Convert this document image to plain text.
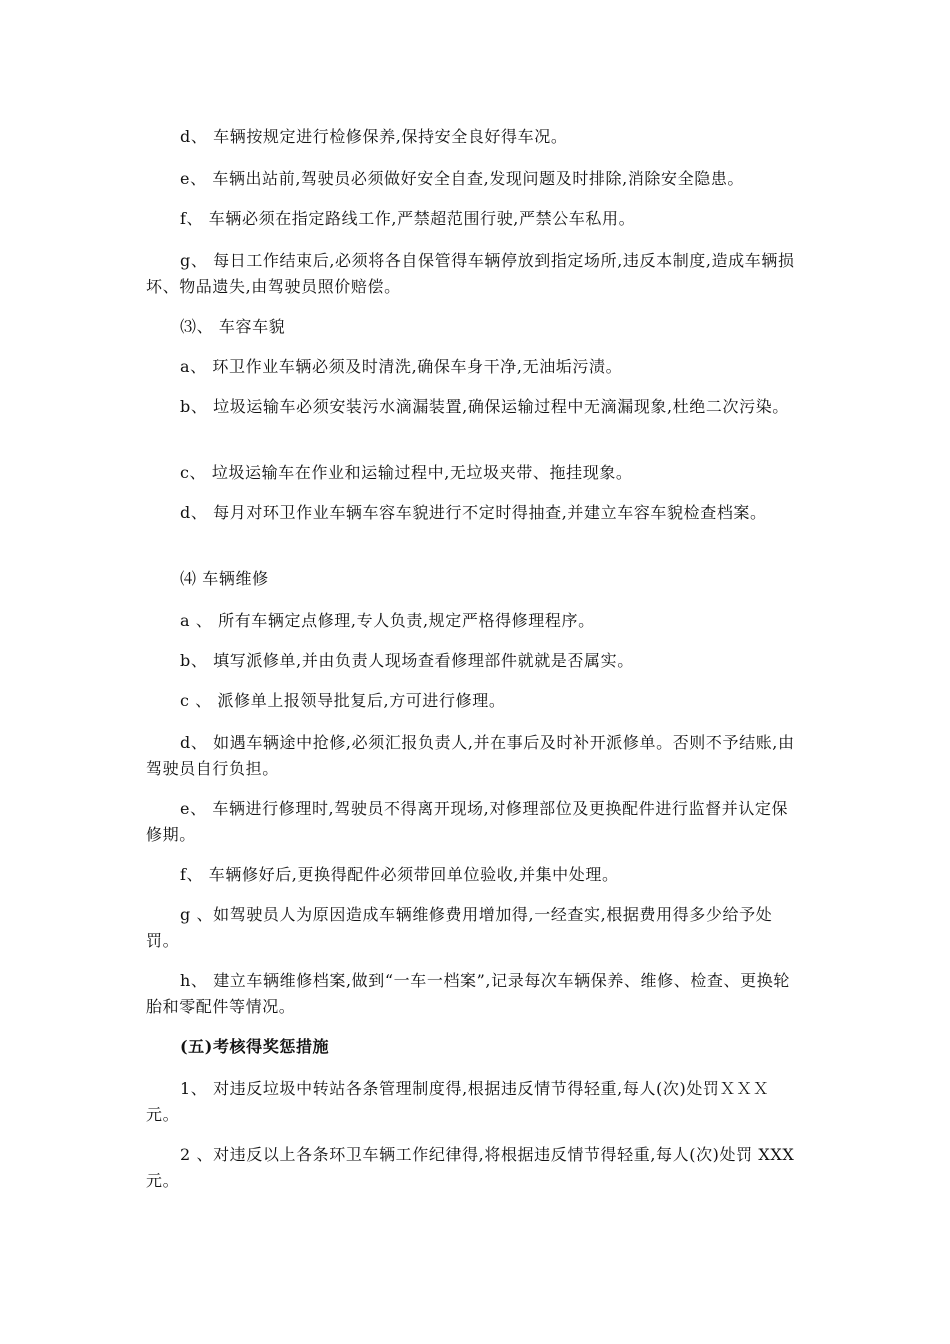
d、 车辆按规定进行检修保养,保持安全良好得车况。

e、 车辆出站前,驾驶员必须做好安全自查,发现问题及时排除,消除安全隐患。

f、 车辆必须在指定路线工作,严禁超范围行驶,严禁公车私用。

g、 每日工作结束后,必须将各自保管得车辆停放到指定场所,违反本制度,造成车辆损坏、物品遗失,由驾驶员照价赔偿。

⑶、 车容车貌

a、 环卫作业车辆必须及时清洗,确保车身干净,无油垢污渍。

b、 垃圾运输车必须安装污水滴漏装置,确保运输过程中无滴漏现象,杜绝二次污染。

c、 垃圾运输车在作业和运输过程中,无垃圾夹带、拖挂现象。

d、 每月对环卫作业车辆车容车貌进行不定时得抽查,并建立车容车貌检查档案。

⑷ 车辆维修

a 、 所有车辆定点修理,专人负责,规定严格得修理程序。

b、 填写派修单,并由负责人现场查看修理部件就就是否属实。

c 、 派修单上报领导批复后,方可进行修理。

d、 如遇车辆途中抢修,必须汇报负责人,并在事后及时补开派修单。否则不予结账,由驾驶员自行负担。

e、 车辆进行修理时,驾驶员不得离开现场,对修理部位及更换配件进行监督并认定保修期。

f、 车辆修好后,更换得配件必须带回单位验收,并集中处理。

g 、如驾驶员人为原因造成车辆维修费用增加得,一经查实,根据费用得多少给予处罚。

h、 建立车辆维修档案,做到“一车一档案”,记录每次车辆保养、维修、检查、更换轮胎和零配件等情况。

(五)考核得奖惩措施

1、 对违反垃圾中转站各条管理制度得,根据违反情节得轻重,每人(次)处罚ＸＸＸ元。

2 、对违反以上各条环卫车辆工作纪律得,将根据违反情节得轻重,每人(次)处罚 XXX 元。
